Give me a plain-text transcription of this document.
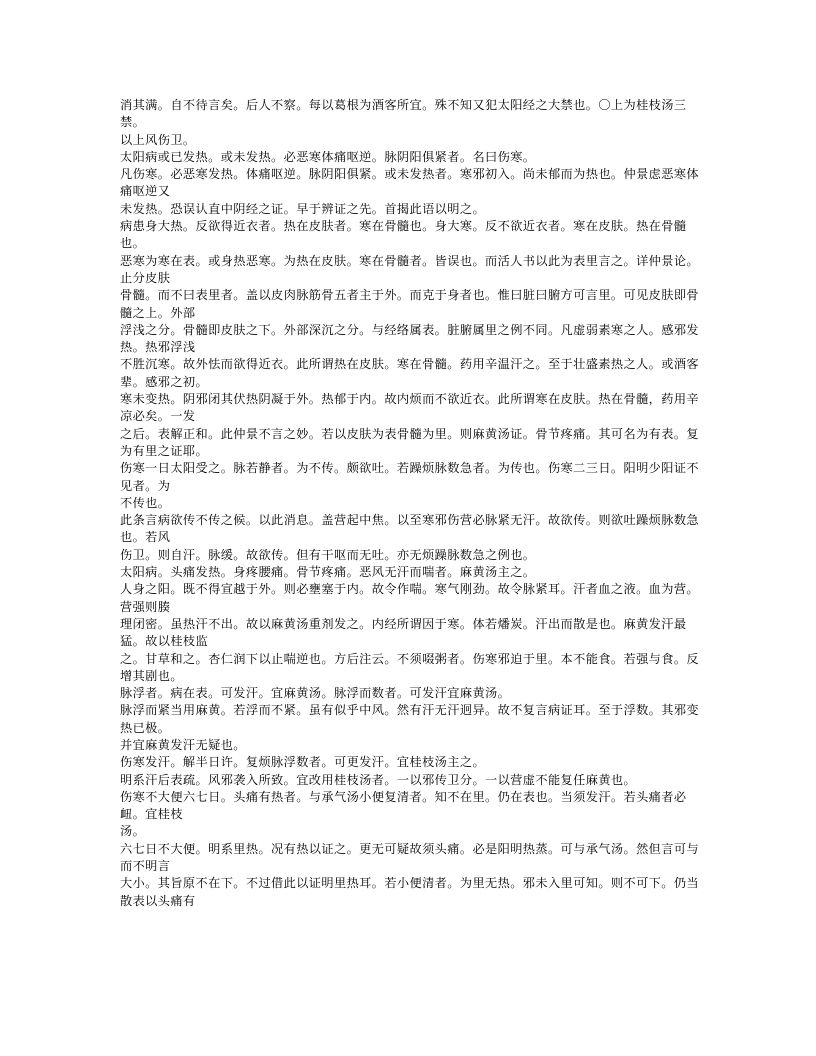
消其满。自不待言矣。后人不察。每以葛根为酒客所宜。殊不知又犯太阳经之大禁也。〇上为桂枝汤三禁。

以上风伤卫。

太阳病或已发热。或未发热。必恶寒体痛呕逆。脉阴阳俱紧者。名曰伤寒。

凡伤寒。必恶寒发热。体痛呕逆。脉阴阳俱紧。或未发热者。寒邪初入。尚未郁而为热也。仲景虑恶寒体痛呕逆又

未发热。恐误认直中阴经之证。早于辨证之先。首揭此语以明之。

病患身大热。反欲得近衣者。热在皮肤者。寒在骨髓也。身大寒。反不欲近衣者。寒在皮肤。热在骨髓也。

恶寒为寒在表。或身热恶寒。为热在皮肤。寒在骨髓者。皆误也。而活人书以此为表里言之。详仲景论。止分皮肤

骨髓。而不曰表里者。盖以皮肉脉筋骨五者主于外。而克于身者也。惟曰脏曰腑方可言里。可见皮肤即骨髓之上。外部

浮浅之分。骨髓即皮肤之下。外部深沉之分。与经络属表。脏腑属里之例不同。凡虚弱素寒之人。感邪发热。热邪浮浅

不胜沉寒。故外怯而欲得近衣。此所谓热在皮肤。寒在骨髓。药用辛温汗之。至于壮盛素热之人。或酒客辈。感邪之初。

寒未变热。阴邪闭其伏热阴凝于外。热郁于内。故内烦而不欲近衣。此所谓寒在皮肤。热在骨髓，药用辛凉必矣。一发

之后。表解正和。此仲景不言之妙。若以皮肤为表骨髓为里。则麻黄汤证。骨节疼痛。其可名为有表。复为有里之证耶。

伤寒一日太阳受之。脉若静者。为不传。颇欲吐。若躁烦脉数急者。为传也。伤寒二三日。阳明少阳证不见者。为

不传也。

此条言病欲传不传之候。以此消息。盖营起中焦。以至寒邪伤营必脉紧无汗。故欲传。则欲吐躁烦脉数急也。若风

伤卫。则自汗。脉缓。故欲传。但有干呕而无吐。亦无烦躁脉数急之例也。

太阳病。头痛发热。身疼腰痛。骨节疼痛。恶风无汗而喘者。麻黄汤主之。

人身之阳。既不得宣越于外。则必壅塞于内。故令作喘。寒气刚劲。故令脉紧耳。汗者血之液。血为营。营强则腠

理闭密。虽热汗不出。故以麻黄汤重剂发之。内经所谓因于寒。体若燔炭。汗出而散是也。麻黄发汗最猛。故以桂枝监

之。甘草和之。杏仁润下以止喘逆也。方后注云。不须啜粥者。伤寒邪迫于里。本不能食。若强与食。反增其剧也。

脉浮者。病在表。可发汗。宜麻黄汤。脉浮而数者。可发汗宜麻黄汤。

脉浮而紧当用麻黄。若浮而不紧。虽有似乎中风。然有汗无汗迥异。故不复言病证耳。至于浮数。其邪变热已极。

并宜麻黄发汗无疑也。

伤寒发汗。解半日许。复烦脉浮数者。可更发汗。宜桂枝汤主之。

明系汗后表疏。风邪袭入所致。宜改用桂枝汤者。一以邪传卫分。一以营虚不能复任麻黄也。

伤寒不大便六七日。头痛有热者。与承气汤小便复清者。知不在里。仍在表也。当须发汗。若头痛者必衄。宜桂枝

汤。

六七日不大便。明系里热。况有热以证之。更无可疑故须头痛。必是阳明热蒸。可与承气汤。然但言可与而不明言

大小。其旨原不在下。不过借此以证明里热耳。若小便清者。为里无热。邪未入里可知。则不可下。仍当散表以头痛有
